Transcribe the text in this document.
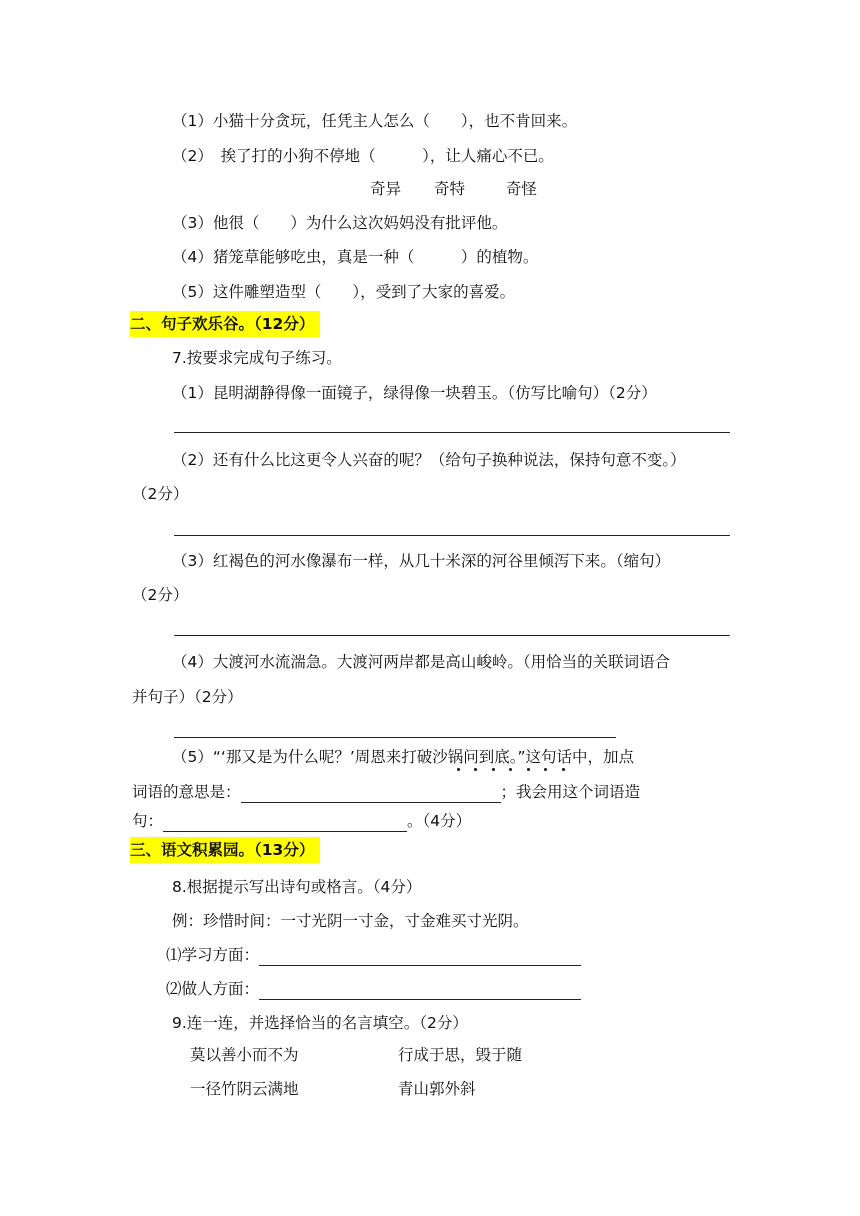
（1）小猫十分贪玩，任凭主人怎么（　　），也不肯回来。
（2）　挨了打的小狗不停地（　　　），让人痛心不已。
奇异 奇特	奇怪
（3）他很（　　）为什么这次妈妈没有批评他。
（4）猪笼草能够吃虫，真是一种（　　　）的植物。
（5）这件雕塑造型（　　），受到了大家的喜爱。
二、句子欢乐谷。（12分）
7.按要求完成句子练习。
（1）昆明湖静得像一面镜子，绿得像一块碧玉。（仿写比喻句）（2分）
（2）还有什么比这更令人兴奋的呢？（给句子换种说法，保持句意不变。）
（2分）
（3）红褐色的河水像瀑布一样，从几十米深的河谷里倾泻下来。（缩句）
（2分）
（4）大渡河水流湍急。大渡河两岸都是高山峻岭。（用恰当的关联词语合
并句子）（2分）
（5）“‘那又是为什么呢？’周恩来打破沙锅问到底。”这句话中，加点
词语的意思是：	；我会用这个词语造
句：	。（4分）
三、语文积累园。（13分）
8.根据提示写出诗句或格言。（4分）
例：珍惜时间：一寸光阴一寸金，寸金难买寸光阴。
⑴学习方面：
⑵做人方面：
9.连一连，并选择恰当的名言填空。（2分）
莫以善小而不为	行成于思，毁于随
一径竹阴云满地	青山郭外斜
